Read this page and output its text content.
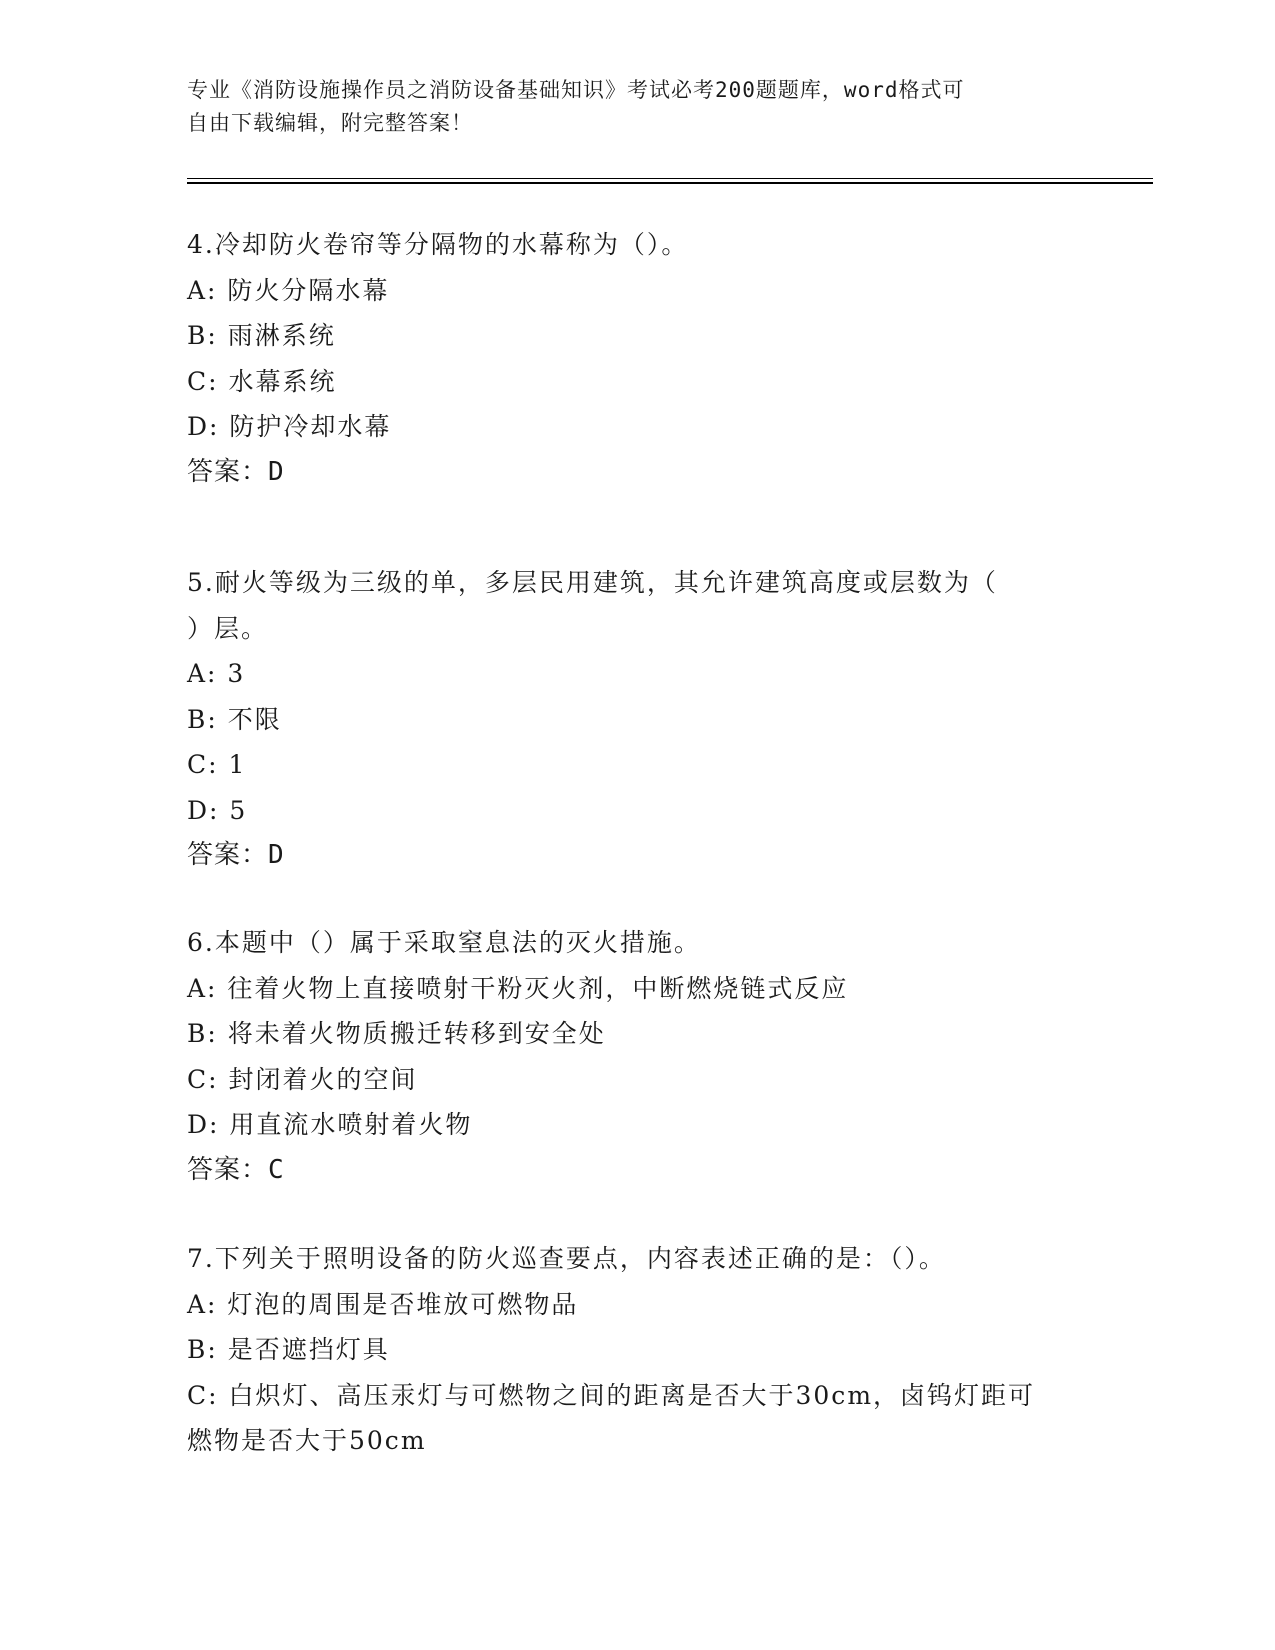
专业《消防设施操作员之消防设备基础知识》考试必考200题题库，word格式可
自由下载编辑，附完整答案！
4.冷却防火卷帘等分隔物的水幕称为（）。
A: 防火分隔水幕
B: 雨淋系统
C: 水幕系统
D: 防护冷却水幕
答案：D
5.耐火等级为三级的单，多层民用建筑，其允许建筑高度或层数为（
）层。
A: 3
B: 不限
C: 1
D: 5
答案：D
6.本题中（）属于采取窒息法的灭火措施。
A: 往着火物上直接喷射干粉灭火剂，中断燃烧链式反应
B: 将未着火物质搬迁转移到安全处
C: 封闭着火的空间
D: 用直流水喷射着火物
答案：C
7.下列关于照明设备的防火巡查要点，内容表述正确的是：（）。
A: 灯泡的周围是否堆放可燃物品
B: 是否遮挡灯具
C: 白炽灯、高压汞灯与可燃物之间的距离是否大于30cm，卤钨灯距可
燃物是否大于50cm
